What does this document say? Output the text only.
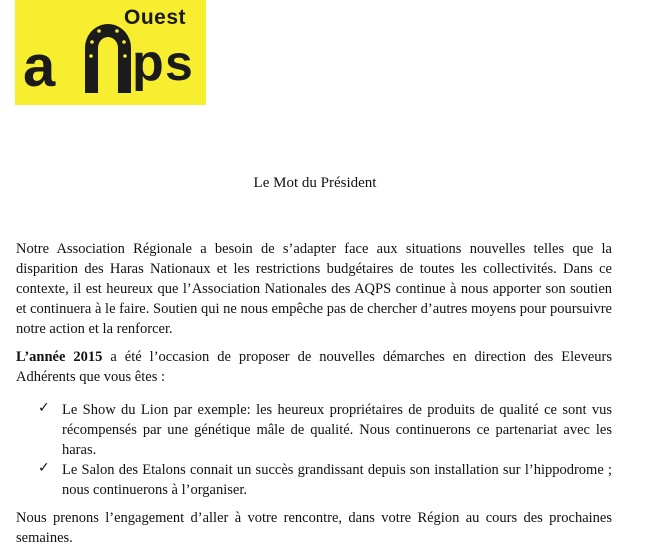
a p s
Ouest
Le Mot du Président

Notre Association Régionale a besoin de s’adapter face aux situations nouvelles telles que la disparition des Haras Nationaux et les restrictions budgétaires de toutes les collectivités. Dans ce contexte, il est heureux que l’Association Nationales des AQPS continue à nous apporter son soutien et continuera à le faire. Soutien qui ne nous empêche pas de chercher d’autres moyens pour poursuivre notre action et la renforcer.

L’année 2015 a été l’occasion de proposer de nouvelles démarches en direction des Eleveurs Adhérents que vous êtes :

✓ Le Show du Lion par exemple: les heureux propriétaires de produits de qualité ce sont vus récompensés par une génétique mâle de qualité. Nous continuerons ce partenariat avec les haras.

✓ Le Salon des Etalons connait un succès grandissant depuis son installation sur l’hippodrome ; nous continuerons à l’organiser.

Nous prenons l’engagement d’aller à votre rencontre, dans votre Région au cours des prochaines semaines.
